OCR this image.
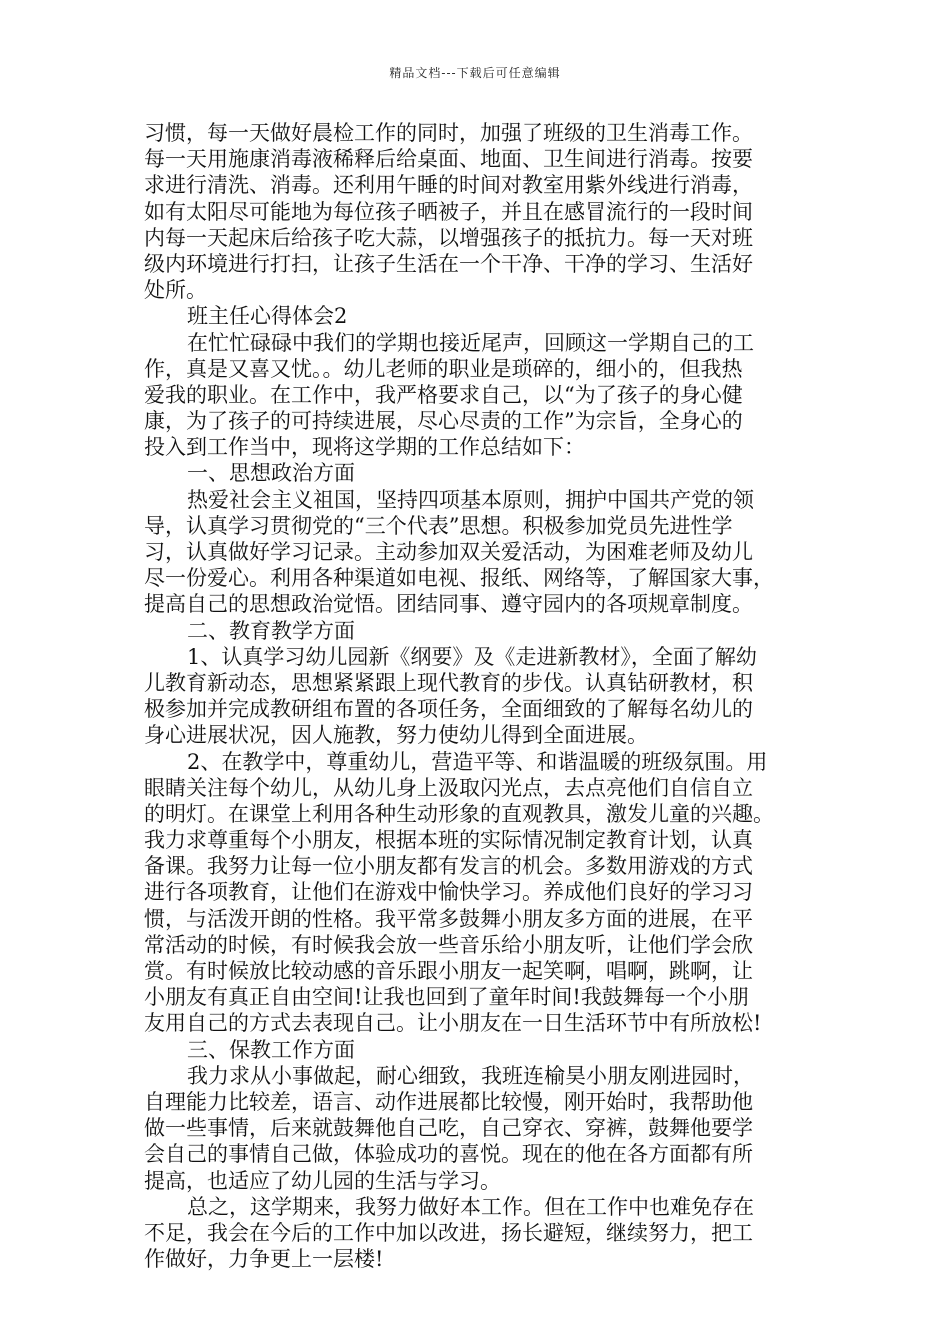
精品文档---下载后可任意编辑
习惯，每一天做好晨检工作的同时，加强了班级的卫生消毒工作。
每一天用施康消毒液稀释后给桌面、地面、卫生间进行消毒。按要
求进行清洗、消毒。还利用午睡的时间对教室用紫外线进行消毒，
如有太阳尽可能地为每位孩子晒被子，并且在感冒流行的一段时间
内每一天起床后给孩子吃大蒜，以增强孩子的抵抗力。每一天对班
级内环境进行打扫，让孩子生活在一个干净、干净的学习、生活好
处所。
班主任心得体会2
在忙忙碌碌中我们的学期也接近尾声，回顾这一学期自己的工
作，真是又喜又忧。。幼儿老师的职业是琐碎的，细小的，但我热
爱我的职业。在工作中，我严格要求自己，以“为了孩子的身心健
康，为了孩子的可持续进展，尽心尽责的工作”为宗旨，全身心的
投入到工作当中，现将这学期的工作总结如下：
一、思想政治方面
热爱社会主义祖国，坚持四项基本原则，拥护中国共产党的领
导，认真学习贯彻党的“三个代表”思想。积极参加党员先进性学
习，认真做好学习记录。主动参加双关爱活动，为困难老师及幼儿
尽一份爱心。利用各种渠道如电视、报纸、网络等，了解国家大事，
提高自己的思想政治觉悟。团结同事、遵守园内的各项规章制度。
二、教育教学方面
1、认真学习幼儿园新《纲要》及《走进新教材》，全面了解幼
儿教育新动态，思想紧紧跟上现代教育的步伐。认真钻研教材，积
极参加并完成教研组布置的各项任务，全面细致的了解每名幼儿的
身心进展状况，因人施教，努力使幼儿得到全面进展。
2、在教学中，尊重幼儿，营造平等、和谐温暖的班级氛围。用
眼睛关注每个幼儿，从幼儿身上汲取闪光点，去点亮他们自信自立
的明灯。在课堂上利用各种生动形象的直观教具，激发儿童的兴趣。
我力求尊重每个小朋友，根据本班的实际情况制定教育计划，认真
备课。我努力让每一位小朋友都有发言的机会。多数用游戏的方式
进行各项教育，让他们在游戏中愉快学习。养成他们良好的学习习
惯，与活泼开朗的性格。我平常多鼓舞小朋友多方面的进展，在平
常活动的时候，有时候我会放一些音乐给小朋友听，让他们学会欣
赏。有时候放比较动感的音乐跟小朋友一起笑啊，唱啊，跳啊，让
小朋友有真正自由空间!让我也回到了童年时间!我鼓舞每一个小朋
友用自己的方式去表现自己。让小朋友在一日生活环节中有所放松!
三、保教工作方面
我力求从小事做起，耐心细致，我班连榆昊小朋友刚进园时，
自理能力比较差，语言、动作进展都比较慢，刚开始时，我帮助他
做一些事情，后来就鼓舞他自己吃，自己穿衣、穿裤，鼓舞他要学
会自己的事情自己做，体验成功的喜悦。现在的他在各方面都有所
提高，也适应了幼儿园的生活与学习。
总之，这学期来，我努力做好本工作。但在工作中也难免存在
不足，我会在今后的工作中加以改进，扬长避短，继续努力，把工
作做好，力争更上一层楼!
